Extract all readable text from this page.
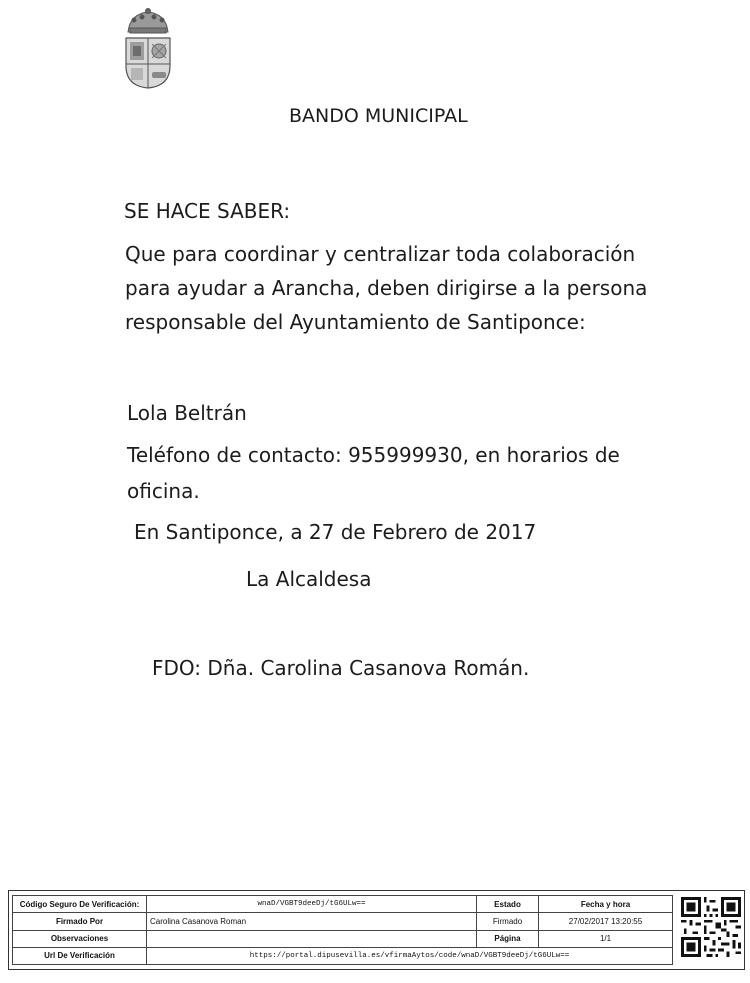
BANDO MUNICIPAL
SE HACE SABER:
Que para coordinar y centralizar toda colaboración
para ayudar a Arancha, deben dirigirse a la persona
responsable del Ayuntamiento de Santiponce:
Lola Beltrán
Teléfono de contacto: 955999930, en horarios de
oficina.
En Santiponce, a 27 de Febrero de 2017
La Alcaldesa
FDO: Dña. Carolina Casanova Román.
Código Seguro De Verificación:	wnaD/VGBT9deeDj/tG6ULw==	Estado	Fecha y hora
Firmado Por	Carolina Casanova Roman	Firmado	27/02/2017 13:20:55
Observaciones		Página	1/1
Url De Verificación	https://portal.dipusevilla.es/vfirmaAytos/code/wnaD/VGBT9deeDj/tG6ULw==		
